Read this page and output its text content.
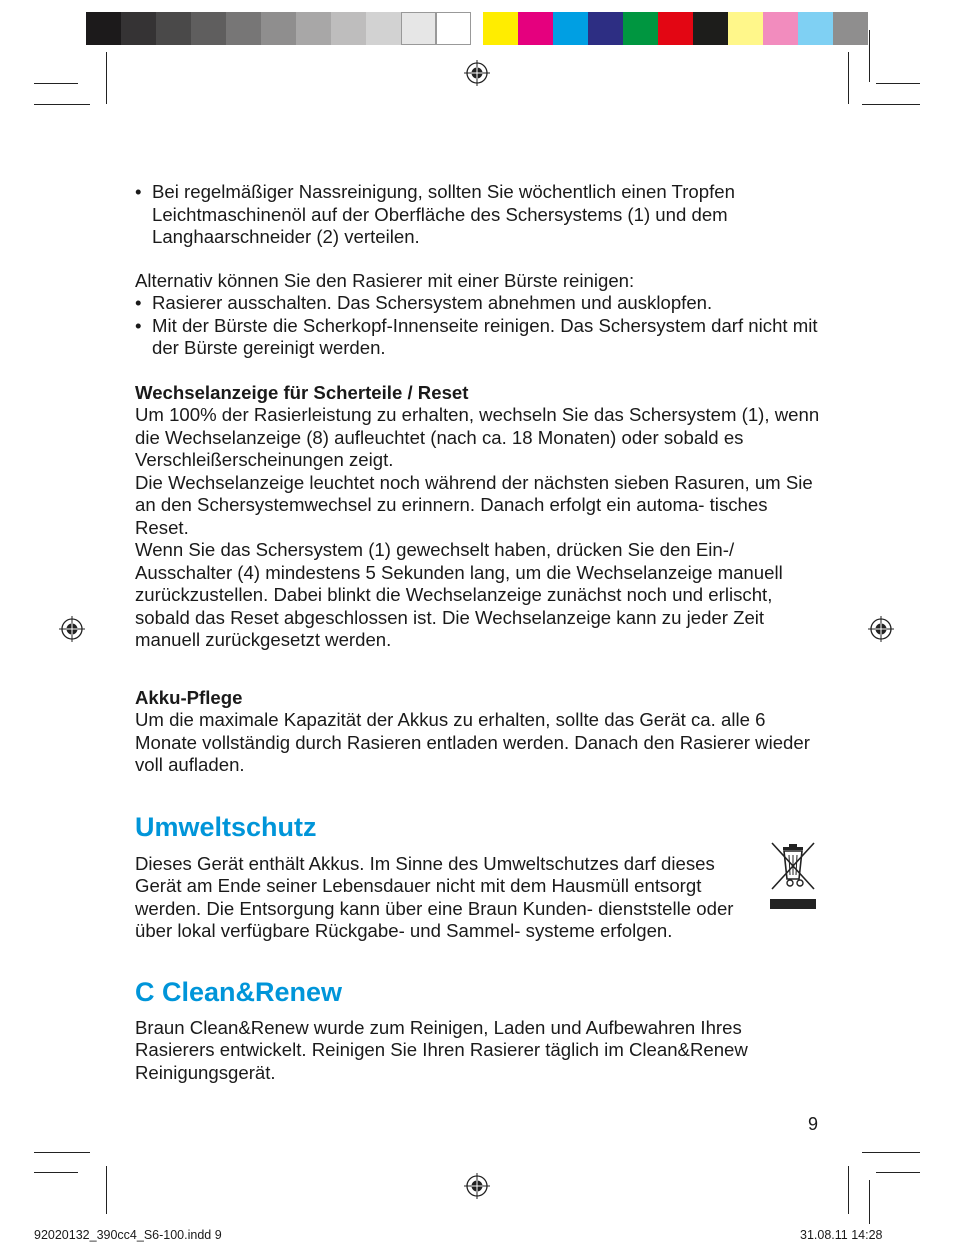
• Bei regelmäßiger Nassreinigung, sollten Sie wöchentlich einen Tropfen Leichtmaschinenöl auf der Oberfläche des Schersystems (1) und dem Langhaarschneider (2) verteilen.

Alternativ können Sie den Rasierer mit einer Bürste reinigen:

• Rasierer ausschalten. Das Schersystem abnehmen und ausklopfen.

• Mit der Bürste die Scherkopf-Innenseite reinigen. Das Schersystem darf nicht mit der Bürste gereinigt werden.

Wechselanzeige für Scherteile / Reset

Um 100% der Rasierleistung zu erhalten, wechseln Sie das Schersystem (1), wenn die Wechselanzeige (8) aufleuchtet (nach ca. 18 Monaten) oder sobald es Verschleißerscheinungen zeigt.

Die Wechselanzeige leuchtet noch während der nächsten sieben Rasuren, um Sie an den Schersystemwechsel zu erinnern. Danach erfolgt ein automa- tisches Reset.

Wenn Sie das Schersystem (1) gewechselt haben, drücken Sie den Ein-/ Ausschalter (4) mindestens 5 Sekunden lang, um die Wechselanzeige manuell zurückzustellen. Dabei blinkt die Wechselanzeige zunächst noch und erlischt, sobald das Reset abgeschlossen ist. Die Wechselanzeige kann zu jeder Zeit manuell zurückgesetzt werden.

Akku-Pflege

Um die maximale Kapazität der Akkus zu erhalten, sollte das Gerät ca. alle 6 Monate vollständig durch Rasieren entladen werden. Danach den Rasierer wieder voll aufladen.

Umweltschutz

Dieses Gerät enthält Akkus. Im Sinne des Umweltschutzes darf dieses Gerät am Ende seiner Lebensdauer nicht mit dem Hausmüll entsorgt werden. Die Entsorgung kann über eine Braun Kunden- dienststelle oder über lokal verfügbare Rückgabe- und Sammel- systeme erfolgen.

C Clean&Renew

Braun Clean&Renew wurde zum Reinigen, Laden und Aufbewahren Ihres Rasierers entwickelt. Reinigen Sie Ihren Rasierer täglich im Clean&Renew Reinigungsgerät.

9
92020132_390cc4_S6-100.indd 9	31.08.11 14:28
